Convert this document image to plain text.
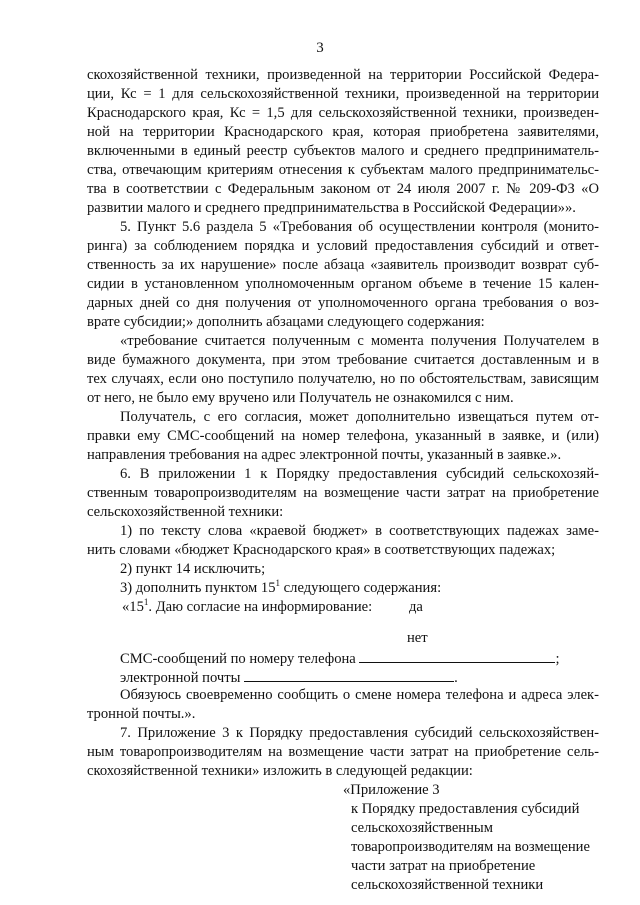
3
скохозяйственной техники, произведенной на территории Российской Федера-
ции, Кс = 1 для сельскохозяйственной техники, произведенной на территории
Краснодарского края, Кс = 1,5 для сельскохозяйственной техники, произведен-
ной на территории Краснодарского края, которая приобретена заявителями,
включенными в единый реестр субъектов малого и среднего предприниматель-
ства, отвечающим критериям отнесения к субъектам малого предпринимательс-
тва в соответствии с Федеральным законом от 24 июля 2007 г. № 209-ФЗ «О
развитии малого и среднего предпринимательства в Российской Федерации»».
5. Пункт 5.6 раздела 5 «Требования об осуществлении контроля (монито-
ринга) за соблюдением порядка и условий предоставления субсидий и ответ-
ственность за их нарушение» после абзаца «заявитель производит возврат суб-
сидии в установленном уполномоченным органом объеме в течение 15 кален-
дарных дней со дня получения от уполномоченного органа требования о воз-
врате субсидии;» дополнить абзацами следующего содержания:
«требование считается полученным с момента получения Получателем в
виде бумажного документа, при этом требование считается доставленным и в
тех случаях, если оно поступило получателю, но по обстоятельствам, зависящим
от него, не было ему вручено или Получатель не ознакомился с ним.
Получатель, с его согласия, может дополнительно извещаться путем от-
правки ему СМС-сообщений на номер телефона, указанный в заявке, и (или)
направления требования на адрес электронной почты, указанный в заявке.».
6. В приложении 1 к Порядку предоставления субсидий сельскохозяй-
ственным товаропроизводителям на возмещение части затрат на приобретение
сельскохозяйственной техники:
1) по тексту слова «краевой бюджет» в соответствующих падежах заме-
нить словами «бюджет Краснодарского края» в соответствующих падежах;
2) пункт 14 исключить;
3) дополнить пунктом $15^1$ следующего содержания:
«$15^1$. Даю согласие на информирование:	да
нет
СМС-сообщений по номеру телефона	;
электронной почты	.
Обязуюсь своевременно сообщить о смене номера телефона и адреса элек-
тронной почты.».
7. Приложение 3 к Порядку предоставления субсидий сельскохозяйствен-
ным товаропроизводителям на возмещение части затрат на приобретение сель-
скохозяйственной техники» изложить в следующей редакции:
«Приложение 3
к Порядку предоставления субсидий
сельскохозяйственным
товаропроизводителям на возмещение
части затрат на приобретение
сельскохозяйственной техники
